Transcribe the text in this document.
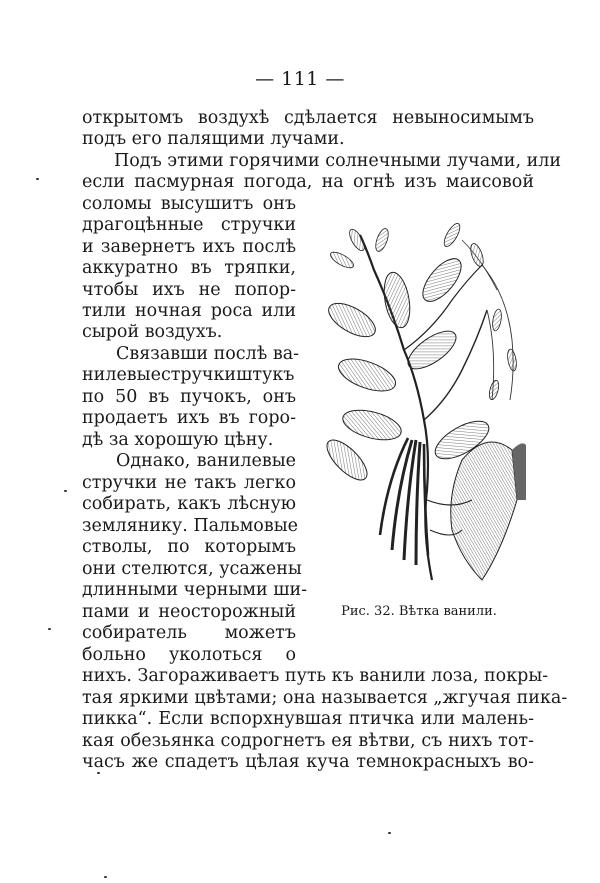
— 111 —
открытомъ воздухѣ сдѣлается невыносимымъ
подъ его палящими лучами.
Подъ этими горячими солнечными лучами, или
если пасмурная погода, на огнѣ изъ маисовой
соломы высушитъ онъ
драгоцѣнные стручки
и завернетъ ихъ послѣ
аккуратно въ тряпки,
чтобы ихъ не попор-
тили ночная роса или
сырой воздухъ.
Связавши послѣ ва-
нилевыестручкиштукъ
по 50 въ пучокъ, онъ
продаетъ ихъ въ горо-
дѣ за хорошую цѣну.
Однако, ванилевые
стручки не такъ легко
собирать, какъ лѣсную
землянику. Пальмовые
стволы, по которымъ
они стелются, усажены
длинными черными ши-
пами и неосторожный
собиратель можетъ
больно уколоться о
нихъ. Загораживаетъ путь къ ванили лоза, покры-
тая яркими цвѣтами; она называется „жгучая пика-
пикка“. Если вспорхнувшая птичка или малень-
кая обезьянка содрогнетъ ея вѣтви, съ нихъ тот-
часъ же спадетъ цѣлая куча темнокрасныхъ во-
Рис. 32. Вѣтка ванили.
